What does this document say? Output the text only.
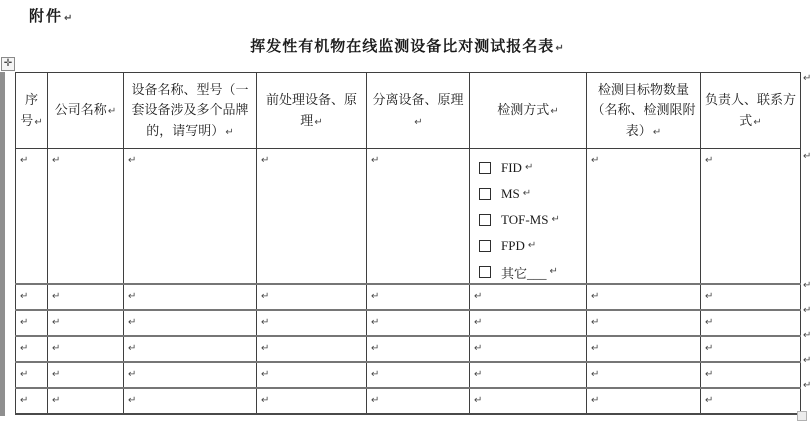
附件↵
挥发性有机物在线监测设备比对测试报名表↵
✛
序号↵	公司名称↵	设备名称、型号（一套设备涉及多个品牌的，请写明）↵	前处理设备、原理↵	分离设备、原理↵	检测方式↵	检测目标物数量（名称、检测限附表）↵	负责人、联系方式↵
↵	↵	↵	↵	↵	FID ↵
MS ↵
TOF-MS ↵
FPD ↵
其它___ ↵
	↵	↵
↵	↵	↵	↵	↵	↵	↵	↵
↵	↵	↵	↵	↵	↵	↵	↵
↵	↵	↵	↵	↵	↵	↵	↵
↵	↵	↵	↵	↵	↵	↵	↵
↵	↵	↵	↵	↵	↵	↵	↵
↵
↵
↵
↵
↵
↵
↵
